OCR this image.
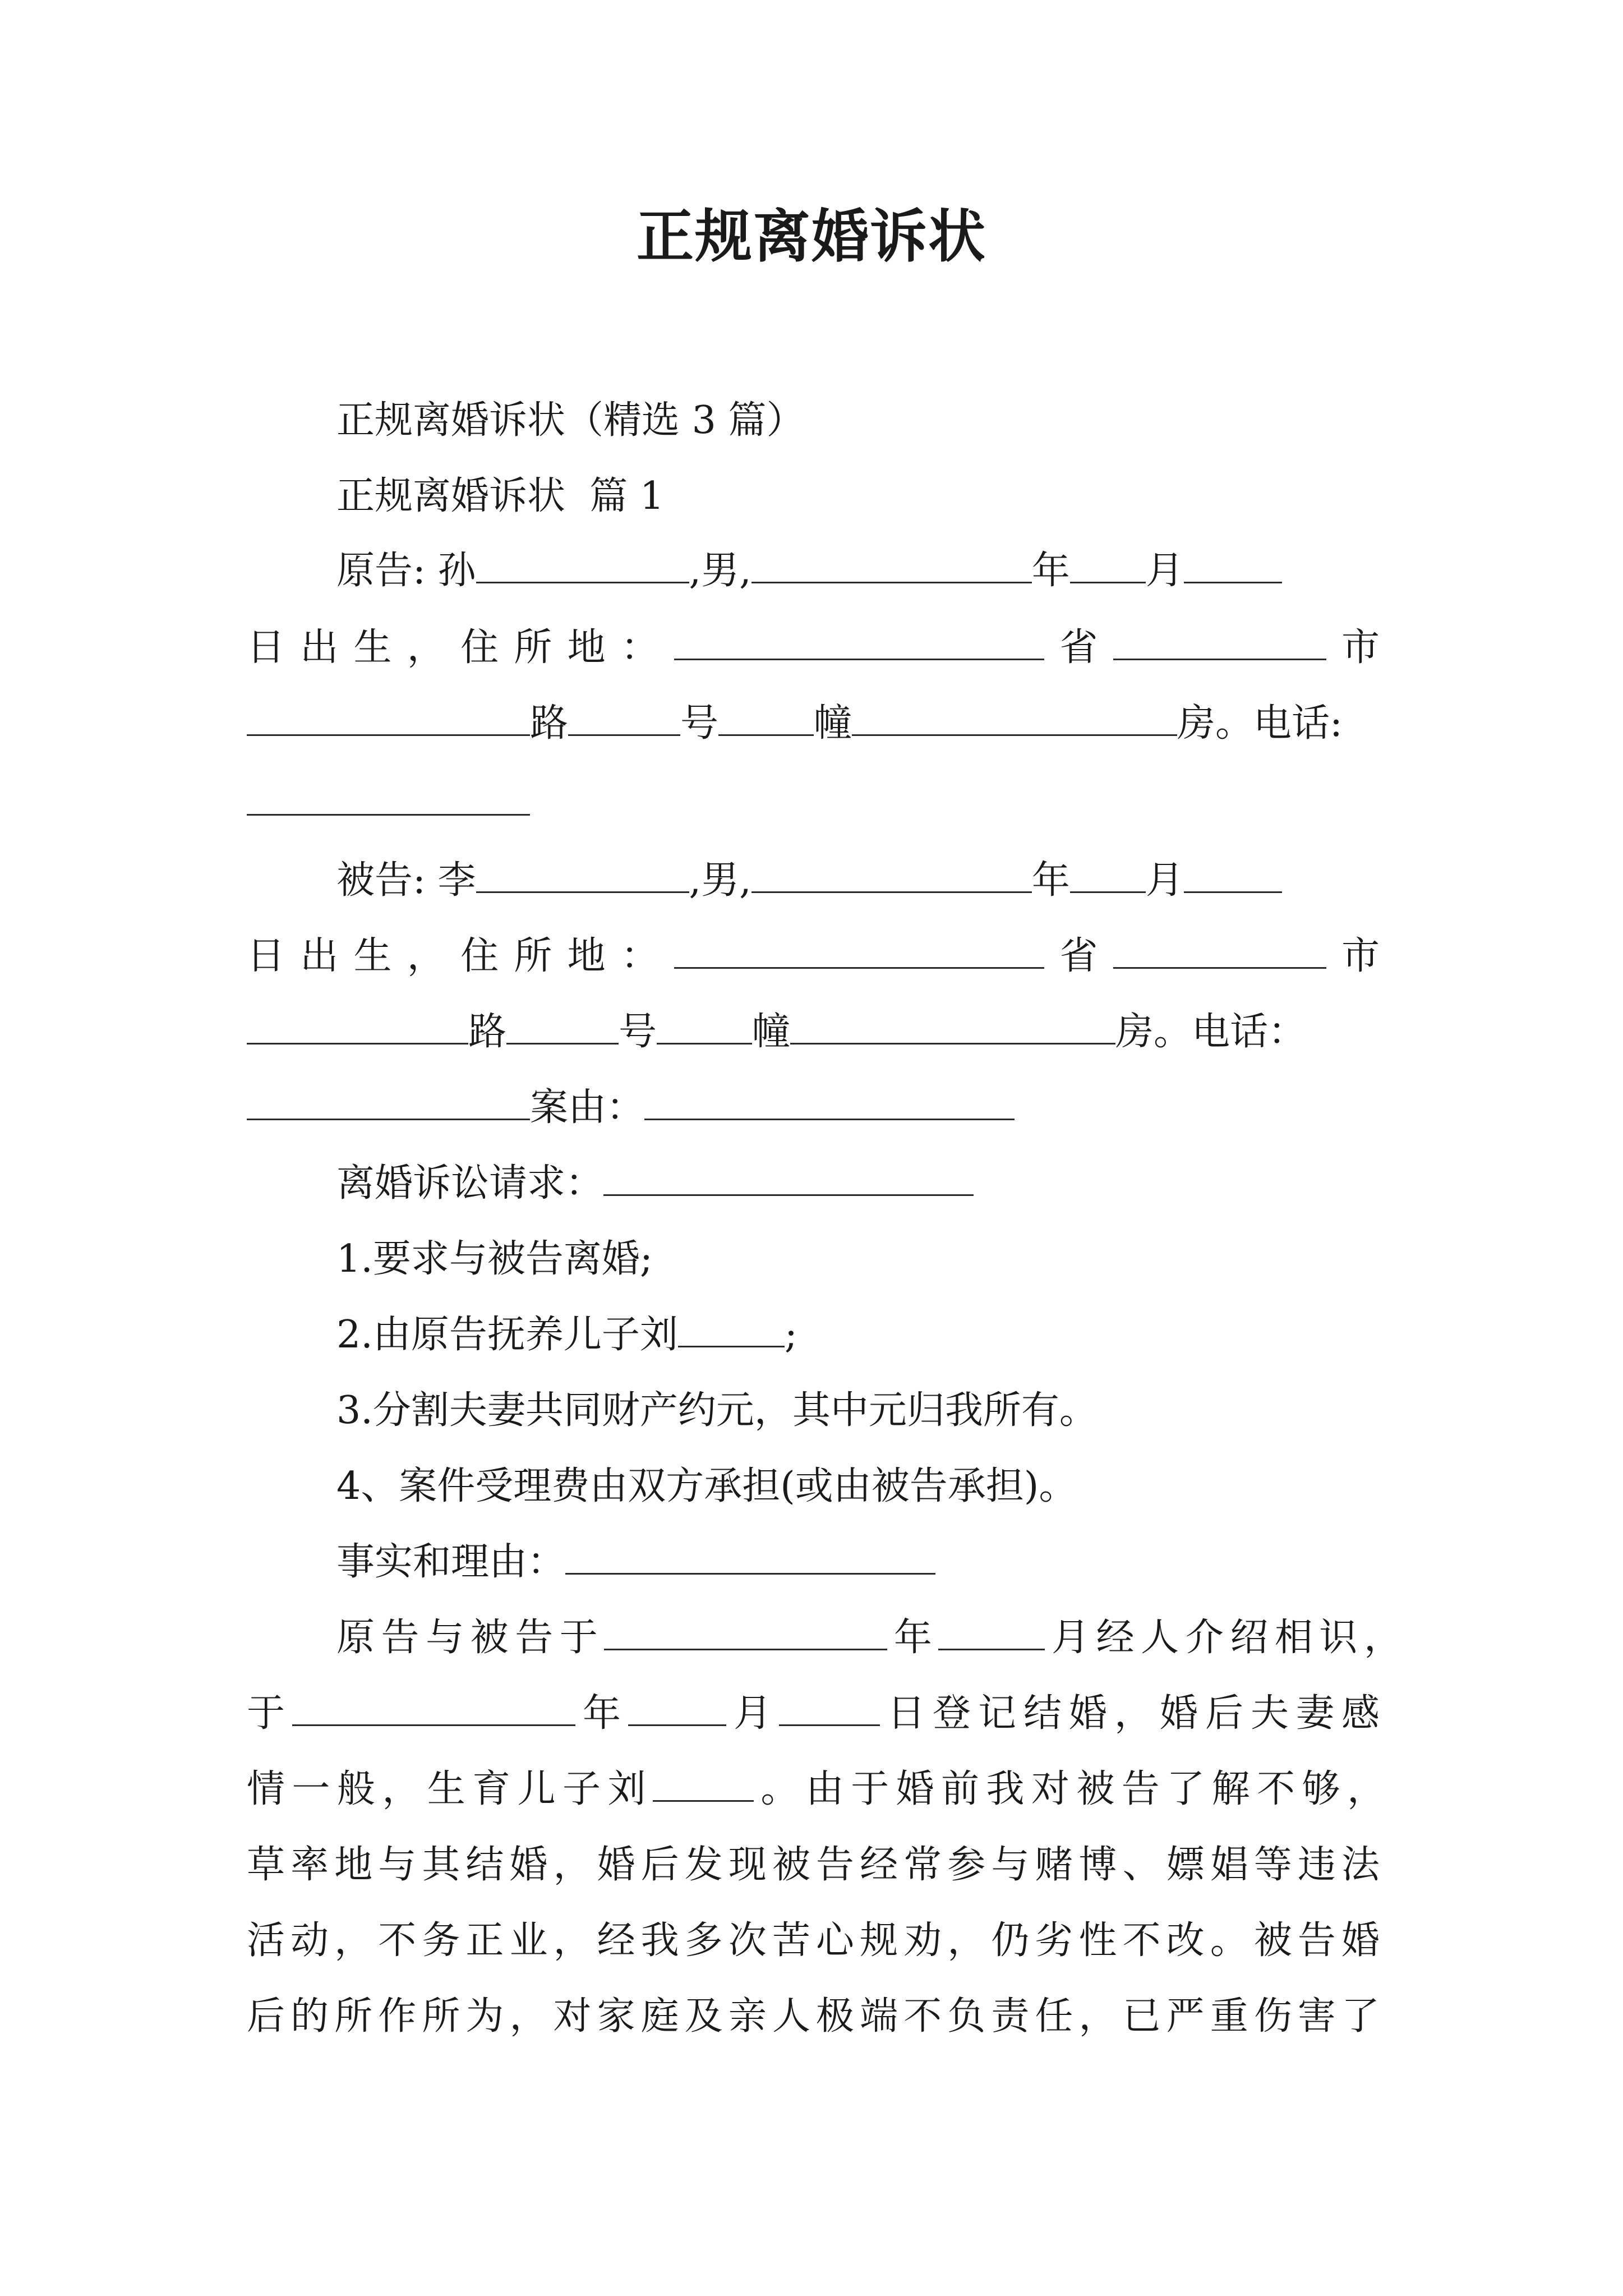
正规离婚诉状
正规离婚诉状（精选 3 篇）
正规离婚诉状  篇 1
原告: 孙	,男,	年 月
日出生，住所地：	省	市
路	号	幢	房。电话:
被告: 李	,男,	年 月
日出生，住所地：	省	市
路	号	幢	房。电话：
案由：
离婚诉讼请求：
1.要求与被告离婚;
2.由原告抚养儿子刘	;
3.分割夫妻共同财产约元，其中元归我所有。
4、案件受理费由双方承担(或由被告承担)。
事实和理由：
原告与被告于	年	月经人介绍相识，
于	年	月	日登记结婚，婚后夫妻感
情一般，生育儿子刘	。由于婚前我对被告了解不够，
草率地与其结婚，婚后发现被告经常参与赌博、嫖娼等违法
活动，不务正业，经我多次苦心规劝，仍劣性不改。被告婚
后的所作所为，对家庭及亲人极端不负责任，已严重伤害了
